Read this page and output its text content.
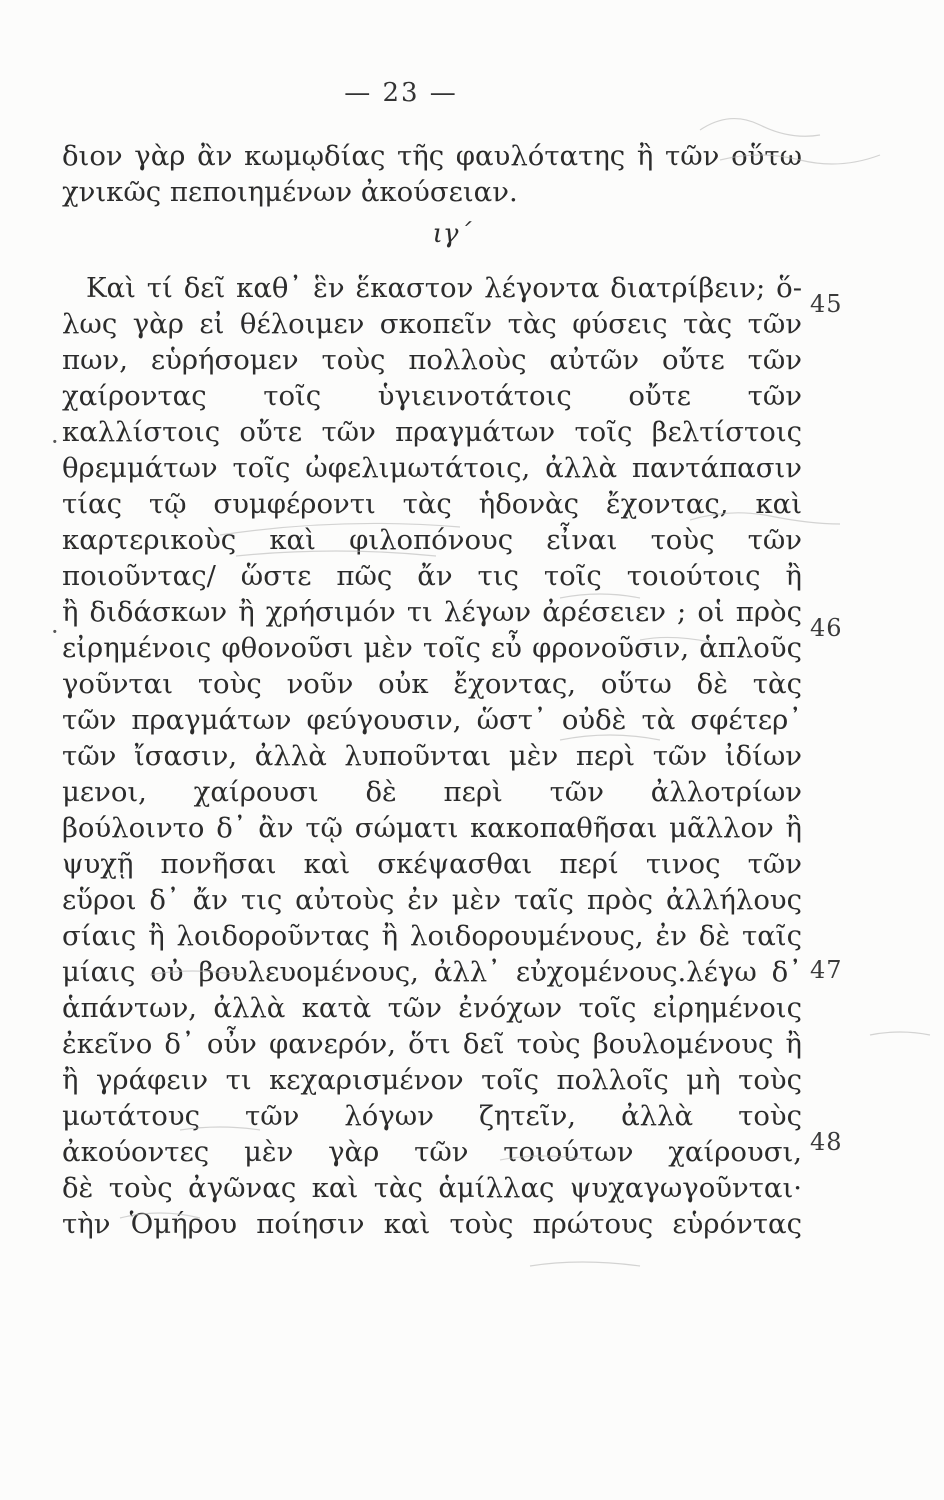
— 23 —
διον γὰρ ἂν κωμῳδίας τῆς φαυλότατης ἢ τῶν οὕτω
χνικῶς πεποιημένων ἀκούσειαν.
ιγ´
Καὶ τί δεῖ καθ᾽ ἓν ἕκαστον λέγοντα διατρίβειν; ὅ-
λως γὰρ εἰ θέλοιμεν σκοπεῖν τὰς φύσεις τὰς τῶν
πων, εὑρήσομεν τοὺς πολλοὺς αὐτῶν οὔτε τῶν
χαίροντας τοῖς ὑγιεινοτάτοις οὔτε τῶν
καλλίστοις οὔτε τῶν πραγμάτων τοῖς βελτίστοις
θρεμμάτων τοῖς ὠφελιμωτάτοις, ἀλλὰ παντάπασιν
τίας τῷ συμφέροντι τὰς ἡδονὰς ἔχοντας, καὶ
καρτερικοὺς καὶ φιλοπόνους εἶναι τοὺς τῶν
ποιοῦντας/ ὥστε πῶς ἄν τις τοῖς τοιούτοις ἢ
ἢ διδάσκων ἢ χρήσιμόν τι λέγων ἀρέσειεν ; οἱ πρὸς
εἰρημένοις φθονοῦσι μὲν τοῖς εὖ φρονοῦσιν, ἁπλοῦς
γοῦνται τοὺς νοῦν οὐκ ἔχοντας, οὕτω δὲ τὰς
τῶν πραγμάτων φεύγουσιν, ὥστ᾽ οὐδὲ τὰ σφέτερ᾽
τῶν ἴσασιν, ἀλλὰ λυποῦνται μὲν περὶ τῶν ἰδίων
μενοι, χαίρουσι δὲ περὶ τῶν ἀλλοτρίων
βούλοιντο δ᾽ ἂν τῷ σώματι κακοπαθῆσαι μᾶλλον ἢ
ψυχῇ πονῆσαι καὶ σκέψασθαι περί τινος τῶν
εὕροι δ᾽ ἄν τις αὐτοὺς ἐν μὲν ταῖς πρὸς ἀλλήλους
σίαις ἢ λοιδοροῦντας ἢ λοιδορουμένους, ἐν δὲ ταῖς
μίαις οὐ βουλευομένους, ἀλλ᾽ εὐχομένους.λέγω δ᾽
ἁπάντων, ἀλλὰ κατὰ τῶν ἐνόχων τοῖς εἰρημένοις
ἐκεῖνο δ᾽ οὖν φανερόν, ὅτι δεῖ τοὺς βουλομένους ἢ
ἢ γράφειν τι κεχαρισμένον τοῖς πολλοῖς μὴ τοὺς
μωτάτους τῶν λόγων ζητεῖν, ἀλλὰ τοὺς
ἀκούοντες μὲν γὰρ τῶν τοιούτων χαίρουσι,
δὲ τοὺς ἀγῶνας καὶ τὰς ἁμίλλας ψυχαγωγοῦνται·
τὴν Ὁμήρου ποίησιν καὶ τοὺς πρώτους εὑρόντας
45
46
47
48
·
·
